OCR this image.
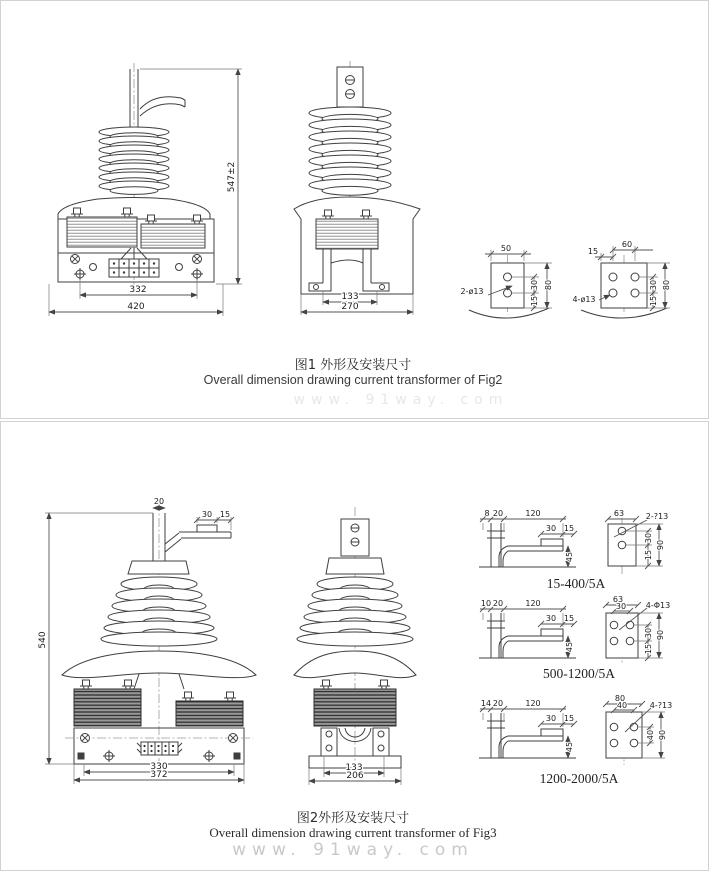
547±2
332
420
133
270
50
30
15
80
2-ø13
15
60
30
15
80
4-ø13
图1 外形及安装尺寸
Overall dimension drawing current transformer of Fig2
www. 91way. com
20
30 15
540
330
372
133
206
8 20	120
30 15
45
63	2-?13
30
15
90
15-400/5A
10 20	120
30 15
45
63
30 4-Φ13
30
15
90
500-1200/5A
14 20	120
30 15
45
80
40	4-?13
40 90
1200-2000/5A
图2外形及安装尺寸
Overall dimension drawing current transformer of Fig3
www. 91way. com
